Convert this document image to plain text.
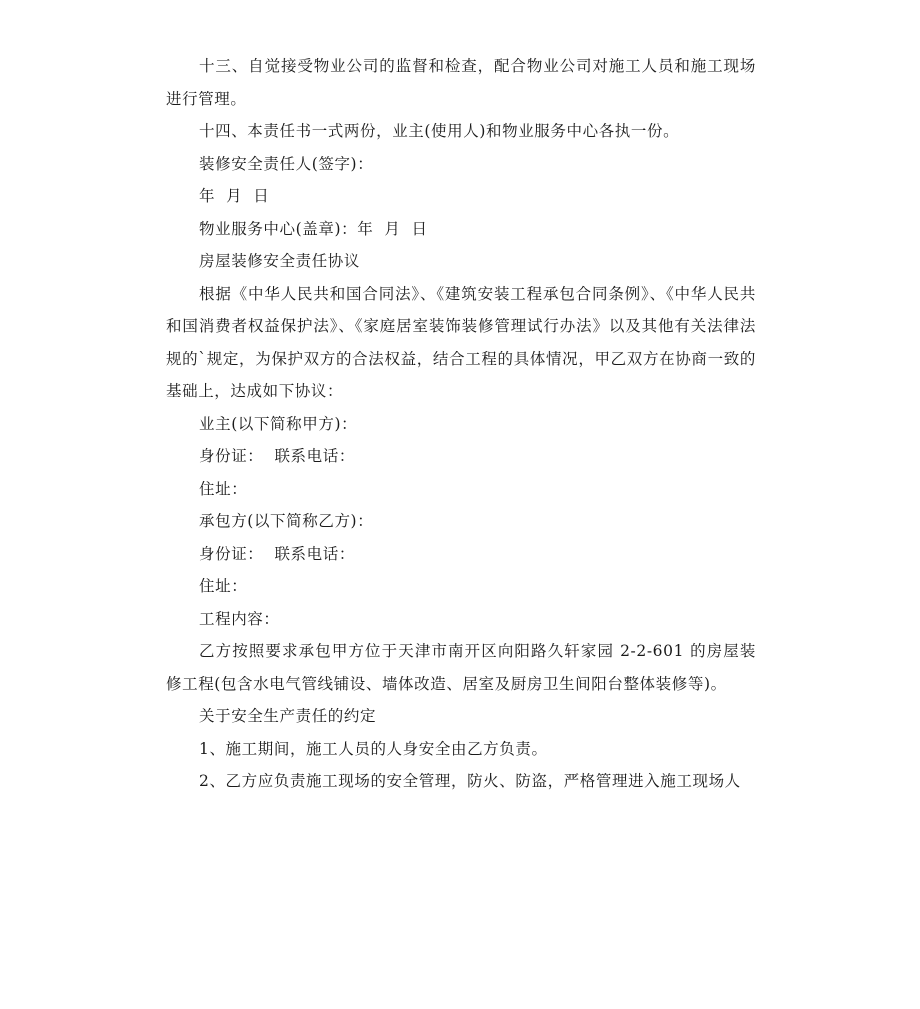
十三、自觉接受物业公司的监督和检查，配合物业公司对施工人员和施工现场进行管理。

十四、本责任书一式两份，业主(使用人)和物业服务中心各执一份。

装修安全责任人(签字)：

年  月  日

物业服务中心(盖章)：年  月  日

房屋装修安全责任协议

根据《中华人民共和国合同法》、《建筑安装工程承包合同条例》、《中华人民共和国消费者权益保护法》、《家庭居室装饰装修管理试行办法》以及其他有关法律法规的`规定，为保护双方的合法权益，结合工程的具体情况，甲乙双方在协商一致的基础上，达成如下协议：

业主(以下简称甲方)：

身份证：  联系电话：

住址：

承包方(以下简称乙方)：

身份证：  联系电话：

住址：

工程内容：

乙方按照要求承包甲方位于天津市南开区向阳路久轩家园 2-2-601 的房屋装修工程(包含水电气管线铺设、墙体改造、居室及厨房卫生间阳台整体装修等)。

关于安全生产责任的约定

1、施工期间，施工人员的人身安全由乙方负责。

2、乙方应负责施工现场的安全管理，防火、防盗，严格管理进入施工现场人
